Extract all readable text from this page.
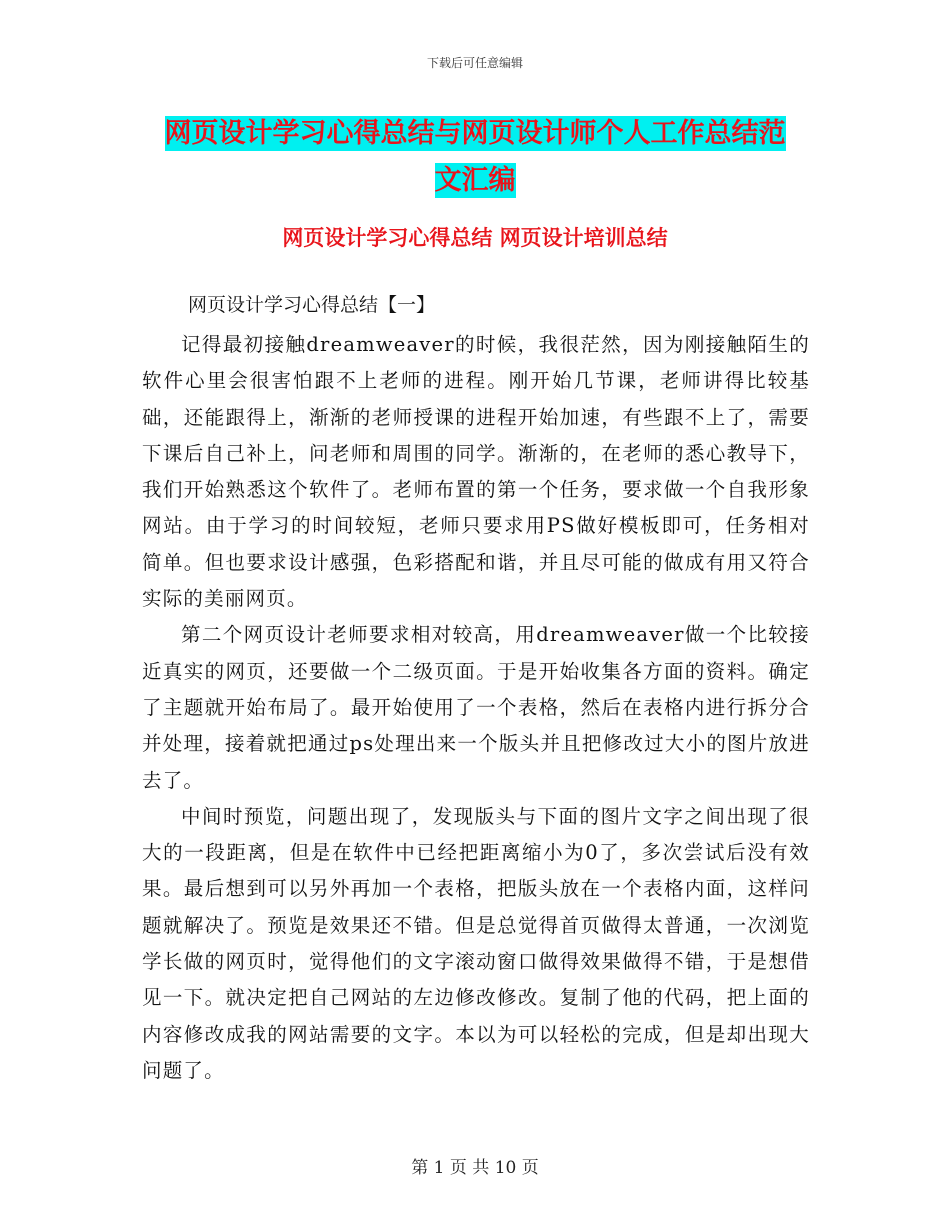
下载后可任意编辑
网页设计学习心得总结与网页设计师个人工作总结范
文汇编
网页设计学习心得总结 网页设计培训总结
网页设计学习心得总结【一】

记得最初接触dreamweaver的时候，我很茫然，因为刚接触陌生的软件心里会很害怕跟不上老师的进程。刚开始几节课，老师讲得比较基础，还能跟得上，渐渐的老师授课的进程开始加速，有些跟不上了，需要下课后自己补上，问老师和周围的同学。渐渐的，在老师的悉心教导下，我们开始熟悉这个软件了。老师布置的第一个任务，要求做一个自我形象网站。由于学习的时间较短，老师只要求用PS做好模板即可，任务相对简单。但也要求设计感强，色彩搭配和谐，并且尽可能的做成有用又符合实际的美丽网页。

第二个网页设计老师要求相对较高，用dreamweaver做一个比较接近真实的网页，还要做一个二级页面。于是开始收集各方面的资料。确定了主题就开始布局了。最开始使用了一个表格，然后在表格内进行拆分合并处理，接着就把通过ps处理出来一个版头并且把修改过大小的图片放进去了。

中间时预览，问题出现了，发现版头与下面的图片文字之间出现了很大的一段距离，但是在软件中已经把距离缩小为0了，多次尝试后没有效果。最后想到可以另外再加一个表格，把版头放在一个表格内面，这样问题就解决了。预览是效果还不错。但是总觉得首页做得太普通，一次浏览学长做的网页时，觉得他们的文字滚动窗口做得效果做得不错，于是想借见一下。就决定把自己网站的左边修改修改。复制了他的代码，把上面的内容修改成我的网站需要的文字。本以为可以轻松的完成，但是却出现大问题了。

第 1 页 共 10 页
